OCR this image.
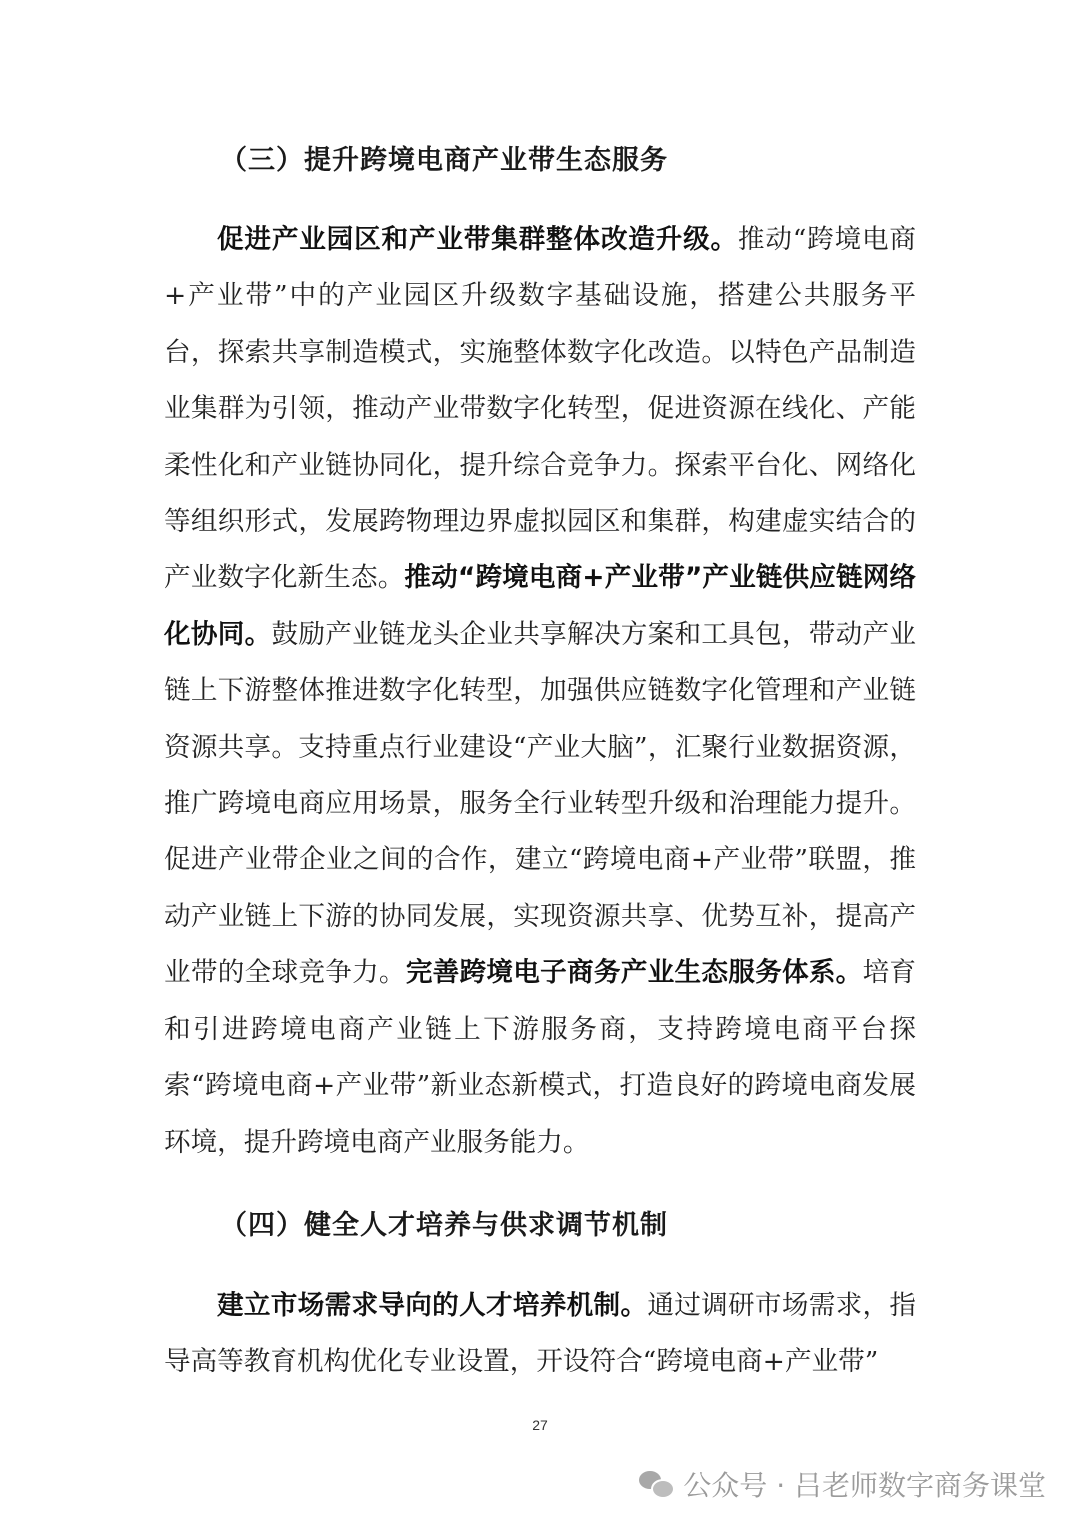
（三）提升跨境电商产业带生态服务

促进产业园区和产业带集群整体改造升级。推动“跨境电商+产业带”中的产业园区升级数字基础设施，搭建公共服务平台，探索共享制造模式，实施整体数字化改造。以特色产品制造业集群为引领，推动产业带数字化转型，促进资源在线化、产能柔性化和产业链协同化，提升综合竞争力。探索平台化、网络化等组织形式，发展跨物理边界虚拟园区和集群，构建虚实结合的产业数字化新生态。推动“跨境电商+产业带”产业链供应链网络化协同。鼓励产业链龙头企业共享解决方案和工具包，带动产业链上下游整体推进数字化转型，加强供应链数字化管理和产业链资源共享。支持重点行业建设“产业大脑”，汇聚行业数据资源，推广跨境电商应用场景，服务全行业转型升级和治理能力提升。促进产业带企业之间的合作，建立“跨境电商+产业带”联盟，推动产业链上下游的协同发展，实现资源共享、优势互补，提高产业带的全球竞争力。完善跨境电子商务产业生态服务体系。培育和引进跨境电商产业链上下游服务商，支持跨境电商平台探索“跨境电商+产业带”新业态新模式，打造良好的跨境电商发展环境，提升跨境电商产业服务能力。

（四）健全人才培养与供求调节机制

建立市场需求导向的人才培养机制。通过调研市场需求，指导高等教育机构优化专业设置，开设符合“跨境电商+产业带”

27
公众号 · 吕老师数字商务课堂
